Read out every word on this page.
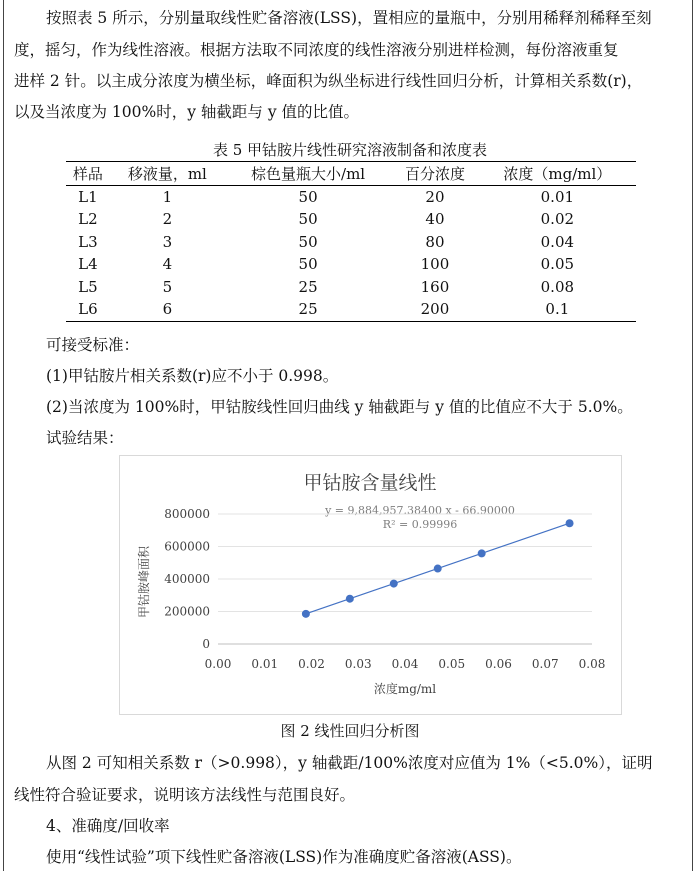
按照表 5 所示，分别量取线性贮备溶液(LSS)，置相应的量瓶中，分别用稀释剂稀释至刻
度，摇匀，作为线性溶液。根据方法取不同浓度的线性溶液分别进样检测，每份溶液重复
进样 2 针。以主成分浓度为横坐标，峰面积为纵坐标进行线性回归分析，计算相关系数(r)，
以及当浓度为 100%时，y 轴截距与 y 值的比值。
表 5 甲钴胺片线性研究溶液制备和浓度表
样品	移液量，ml	棕色量瓶大小/ml	百分浓度	浓度（mg/ml）
L1	1	50	20	0.01
L2	2	50	40	0.02
L3	3	50	80	0.04
L4	4	50	100	0.05
L5	5	25	160	0.08
L6	6	25	200	0.1
可接受标准：
(1)甲钴胺片相关系数(r)应不小于 0.998。
(2)当浓度为 100%时，甲钴胺线性回归曲线 y 轴截距与 y 值的比值应不大于 5.0%。
试验结果：
甲钴胺含量线性
y = 9,884,957.38400 x - 66.90000
R² = 0.99996
0
200000
400000
600000
800000
0.00 0.01 0.02 0.03 0.04 0.05 0.06 0.07 0.08
甲钴胺峰面积
浓度mg/ml
图 2 线性回归分析图
从图 2 可知相关系数 r（>0.998），y 轴截距/100%浓度对应值为 1%（<5.0%），证明
线性符合验证要求，说明该方法线性与范围良好。
4、准确度/回收率
使用“线性试验”项下线性贮备溶液(LSS)作为准确度贮备溶液(ASS)。
